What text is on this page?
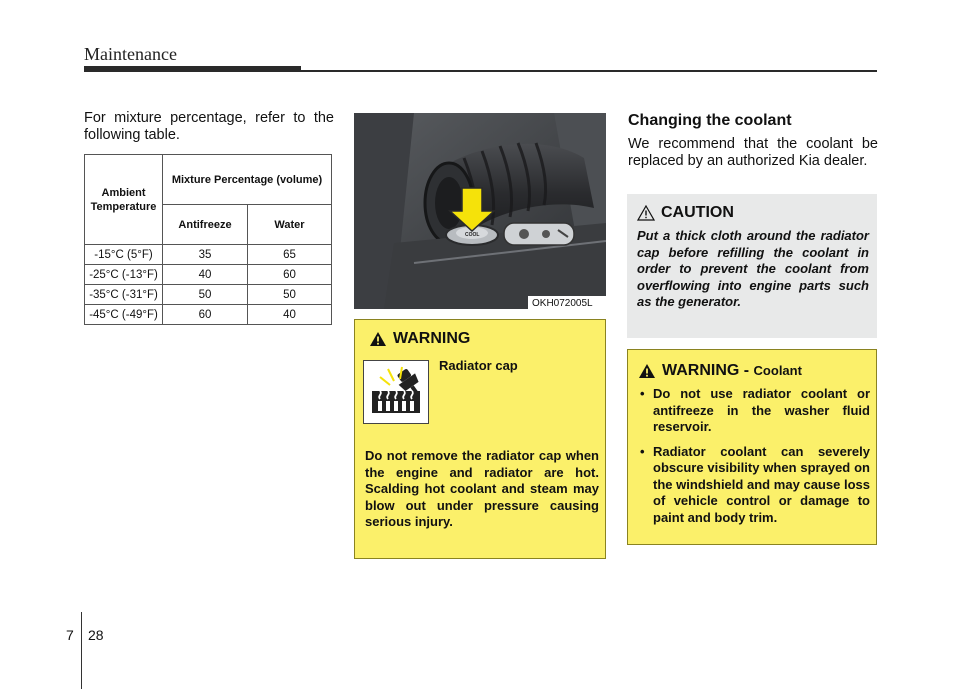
Maintenance

For mixture percentage, refer to the following table.

Ambient Temperature	Mixture Percentage (volume)	
	Antifreeze	Water
-15°C (5°F)	35	65
-25°C (-13°F)	40	60
-35°C (-31°F)	50	50
-45°C (-49°F)	60	40
COOL
OKH072005L
WARNING
Radiator cap

Do not remove the radiator cap when the engine and radiator are hot. Scalding hot coolant and steam may blow out under pressure causing serious injury.

Changing the coolant

We recommend that the coolant be replaced by an authorized Kia dealer.

CAUTION

Put a thick cloth around the radiator cap before refilling the coolant in order to prevent the coolant from overflowing into engine parts such as the generator.

WARNING - Coolant
• Do not use radiator coolant or antifreeze in the washer fluid reservoir.
• Radiator coolant can severely obscure visibility when sprayed on the windshield and may cause loss of vehicle control or damage to paint and body trim.
7 28
